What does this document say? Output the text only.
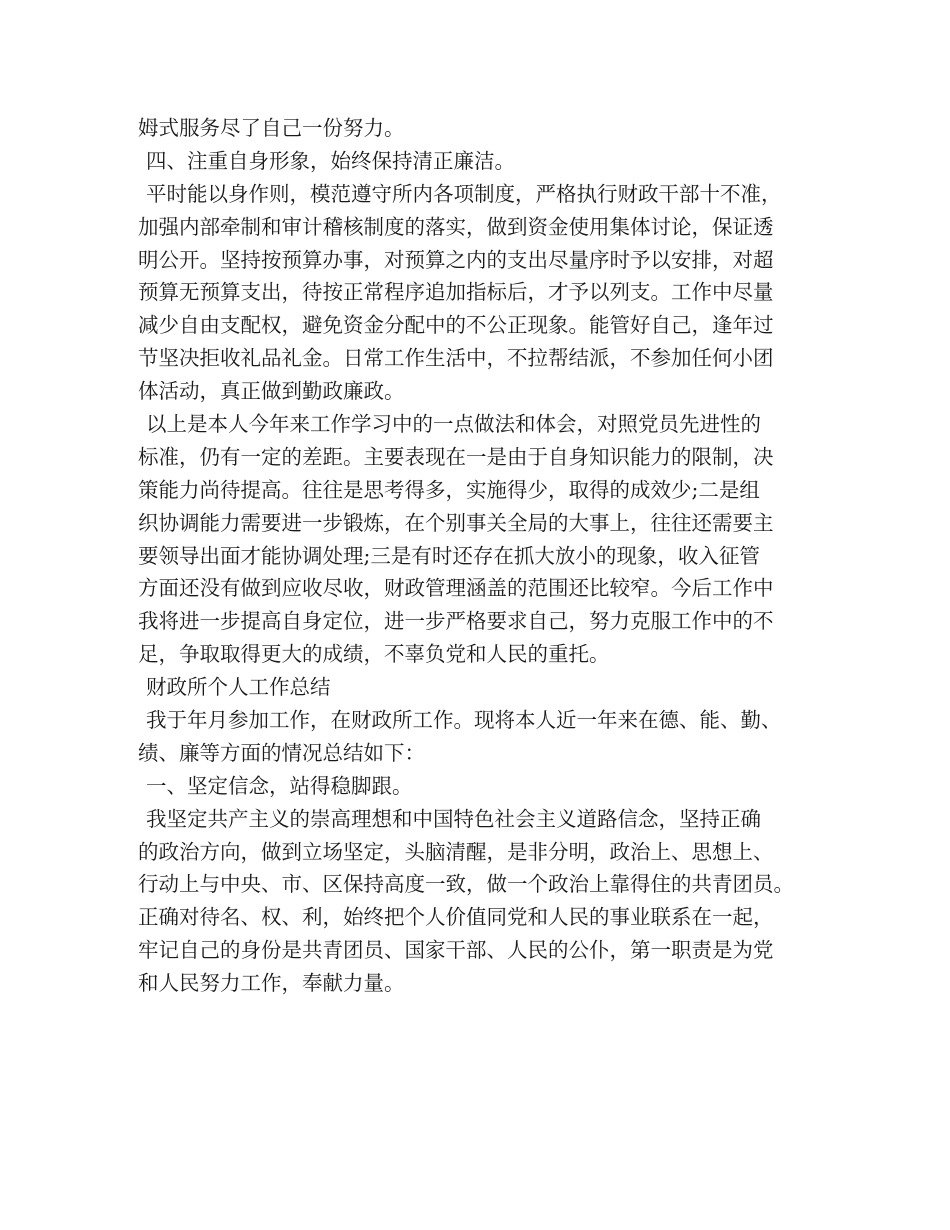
姆式服务尽了自己一份努力。
四、注重自身形象，始终保持清正廉洁。
平时能以身作则，模范遵守所内各项制度，严格执行财政干部十不准，
加强内部牵制和审计稽核制度的落实，做到资金使用集体讨论，保证透
明公开。坚持按预算办事，对预算之内的支出尽量序时予以安排，对超
预算无预算支出，待按正常程序追加指标后，才予以列支。工作中尽量
减少自由支配权，避免资金分配中的不公正现象。能管好自己，逢年过
节坚决拒收礼品礼金。日常工作生活中，不拉帮结派，不参加任何小团
体活动，真正做到勤政廉政。
以上是本人今年来工作学习中的一点做法和体会，对照党员先进性的
标准，仍有一定的差距。主要表现在一是由于自身知识能力的限制，决
策能力尚待提高。往往是思考得多，实施得少，取得的成效少;二是组
织协调能力需要进一步锻炼，在个别事关全局的大事上，往往还需要主
要领导出面才能协调处理;三是有时还存在抓大放小的现象，收入征管
方面还没有做到应收尽收，财政管理涵盖的范围还比较窄。今后工作中
我将进一步提高自身定位，进一步严格要求自己，努力克服工作中的不
足，争取取得更大的成绩，不辜负党和人民的重托。
财政所个人工作总结
我于年月参加工作，在财政所工作。现将本人近一年来在德、能、勤、
绩、廉等方面的情况总结如下：
一、坚定信念，站得稳脚跟。
我坚定共产主义的崇高理想和中国特色社会主义道路信念，坚持正确
的政治方向，做到立场坚定，头脑清醒，是非分明，政治上、思想上、
行动上与中央、市、区保持高度一致，做一个政治上靠得住的共青团员。
正确对待名、权、利，始终把个人价值同党和人民的事业联系在一起，
牢记自己的身份是共青团员、国家干部、人民的公仆，第一职责是为党
和人民努力工作，奉献力量。
